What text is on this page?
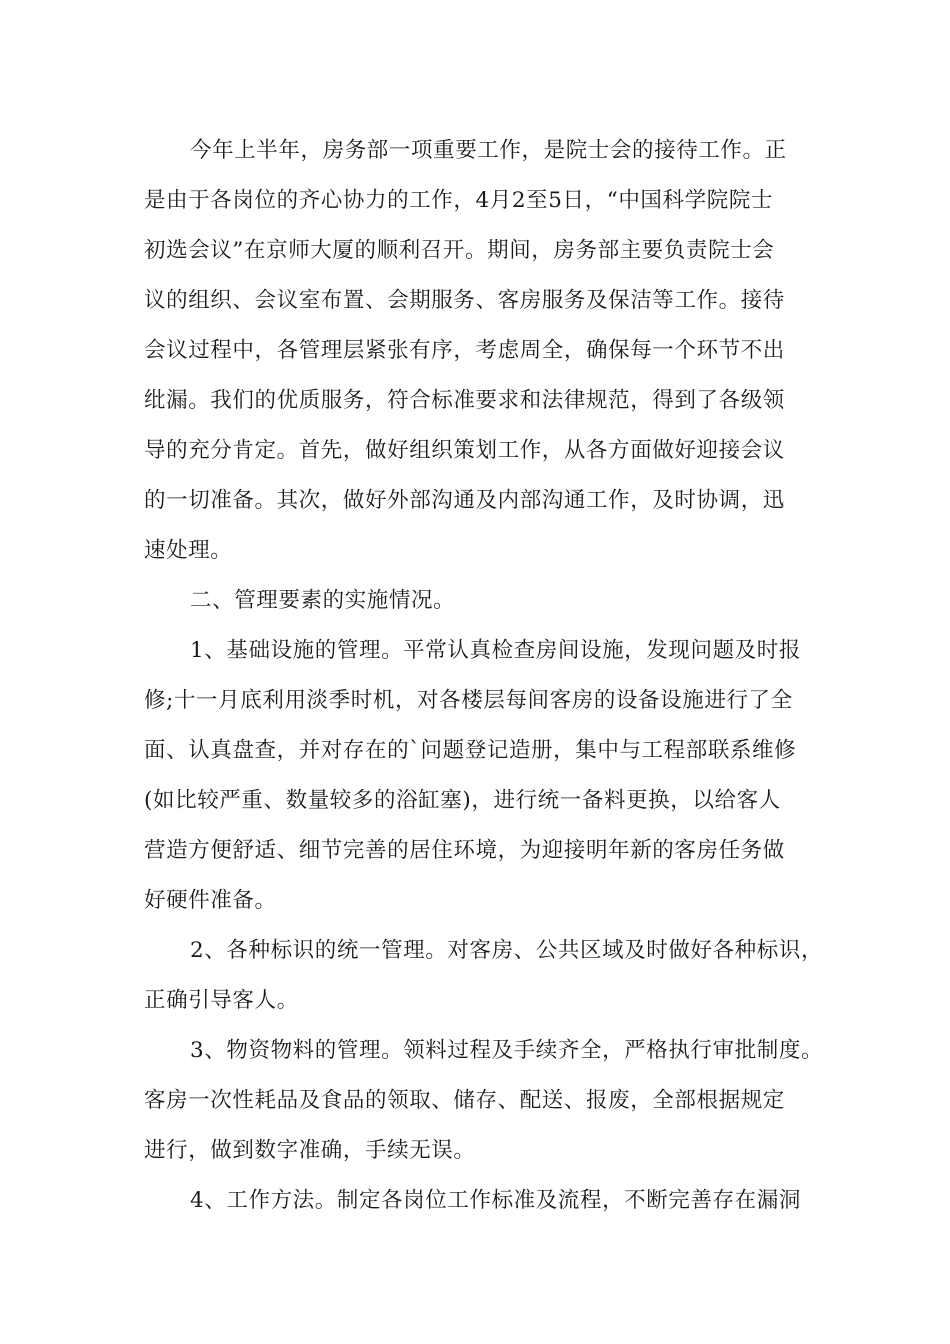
今年上半年，房务部一项重要工作，是院士会的接待工作。正
是由于各岗位的齐心协力的工作，4月2至5日，“中国科学院院士
初选会议”在京师大厦的顺利召开。期间，房务部主要负责院士会
议的组织、会议室布置、会期服务、客房服务及保洁等工作。接待
会议过程中，各管理层紧张有序，考虑周全，确保每一个环节不出
纰漏。我们的优质服务，符合标准要求和法律规范，得到了各级领
导的充分肯定。首先，做好组织策划工作，从各方面做好迎接会议
的一切准备。其次，做好外部沟通及内部沟通工作，及时协调，迅
速处理。
二、管理要素的实施情况。
1、基础设施的管理。平常认真检查房间设施，发现问题及时报
修;十一月底利用淡季时机，对各楼层每间客房的设备设施进行了全
面、认真盘查，并对存在的`问题登记造册，集中与工程部联系维修
(如比较严重、数量较多的浴缸塞)，进行统一备料更换，以给客人
营造方便舒适、细节完善的居住环境，为迎接明年新的客房任务做
好硬件准备。
2、各种标识的统一管理。对客房、公共区域及时做好各种标识，
正确引导客人。
3、物资物料的管理。领料过程及手续齐全，严格执行审批制度。
客房一次性耗品及食品的领取、储存、配送、报废，全部根据规定
进行，做到数字准确，手续无误。
4、工作方法。制定各岗位工作标准及流程，不断完善存在漏洞
